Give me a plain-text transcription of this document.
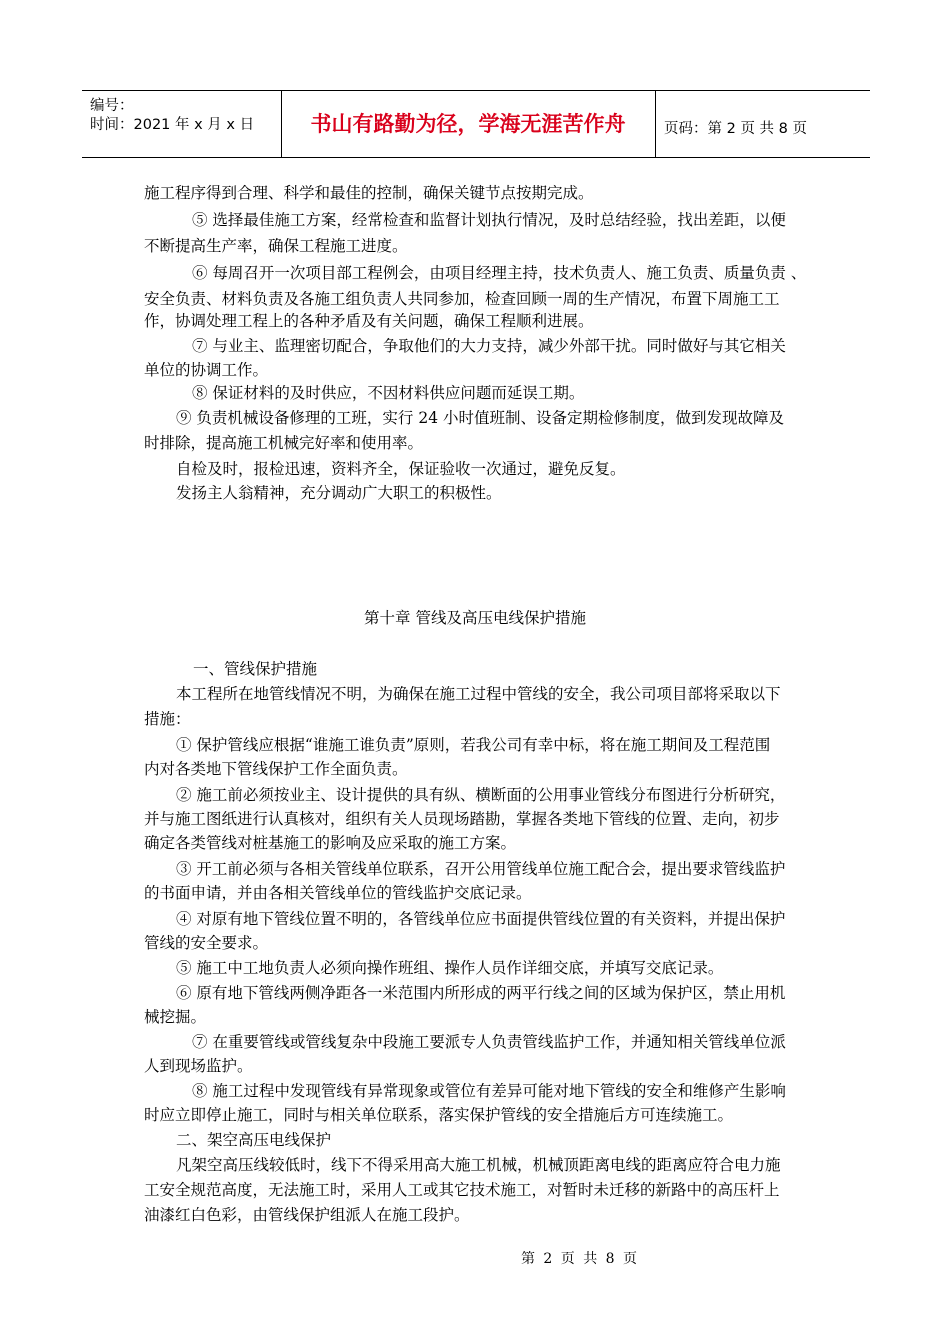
编号：
时间：2021 年 x 月 x 日	书山有路勤为径，学海无涯苦作舟	页码：第 2 页 共 8 页
施工程序得到合理、科学和最佳的控制，确保关键节点按期完成。
⑤ 选择最佳施工方案，经常检查和监督计划执行情况，及时总结经验，找出差距，以便
不断提高生产率，确保工程施工进度。
⑥ 每周召开一次项目部工程例会，由项目经理主持，技术负责人、施工负责、质量负责 、
安全负责、材料负责及各施工组负责人共同参加，检查回顾一周的生产情况，布置下周施工工
作，协调处理工程上的各种矛盾及有关问题，确保工程顺利进展。
⑦ 与业主、监理密切配合，争取他们的大力支持，减少外部干扰。同时做好与其它相关
单位的协调工作。
⑧ 保证材料的及时供应，不因材料供应问题而延误工期。
⑨ 负责机械设备修理的工班，实行 24 小时值班制、设备定期检修制度，做到发现故障及
时排除，提高施工机械完好率和使用率。
自检及时，报检迅速，资料齐全，保证验收一次通过，避免反复。
发扬主人翁精神，充分调动广大职工的积极性。
第十章 管线及高压电线保护措施
一、管线保护措施
本工程所在地管线情况不明，为确保在施工过程中管线的安全，我公司项目部将采取以下
措施：
① 保护管线应根据“谁施工谁负责”原则，若我公司有幸中标，将在施工期间及工程范围
内对各类地下管线保护工作全面负责。
② 施工前必须按业主、设计提供的具有纵、横断面的公用事业管线分布图进行分析研究，
并与施工图纸进行认真核对，组织有关人员现场踏勘，掌握各类地下管线的位置、走向，初步
确定各类管线对桩基施工的影响及应采取的施工方案。
③ 开工前必须与各相关管线单位联系，召开公用管线单位施工配合会，提出要求管线监护
的书面申请，并由各相关管线单位的管线监护交底记录。
④ 对原有地下管线位置不明的，各管线单位应书面提供管线位置的有关资料，并提出保护
管线的安全要求。
⑤ 施工中工地负责人必须向操作班组、操作人员作详细交底，并填写交底记录。
⑥ 原有地下管线两侧净距各一米范围内所形成的两平行线之间的区域为保护区，禁止用机
械挖掘。
⑦ 在重要管线或管线复杂中段施工要派专人负责管线监护工作，并通知相关管线单位派
人到现场监护。
⑧ 施工过程中发现管线有异常现象或管位有差异可能对地下管线的安全和维修产生影响
时应立即停止施工，同时与相关单位联系，落实保护管线的安全措施后方可连续施工。
二、架空高压电线保护
凡架空高压线较低时，线下不得采用高大施工机械，机械顶距离电线的距离应符合电力施
工安全规范高度，无法施工时，采用人工或其它技术施工，对暂时未迁移的新路中的高压杆上
油漆红白色彩，由管线保护组派人在施工段护。
第 2 页 共 8 页
